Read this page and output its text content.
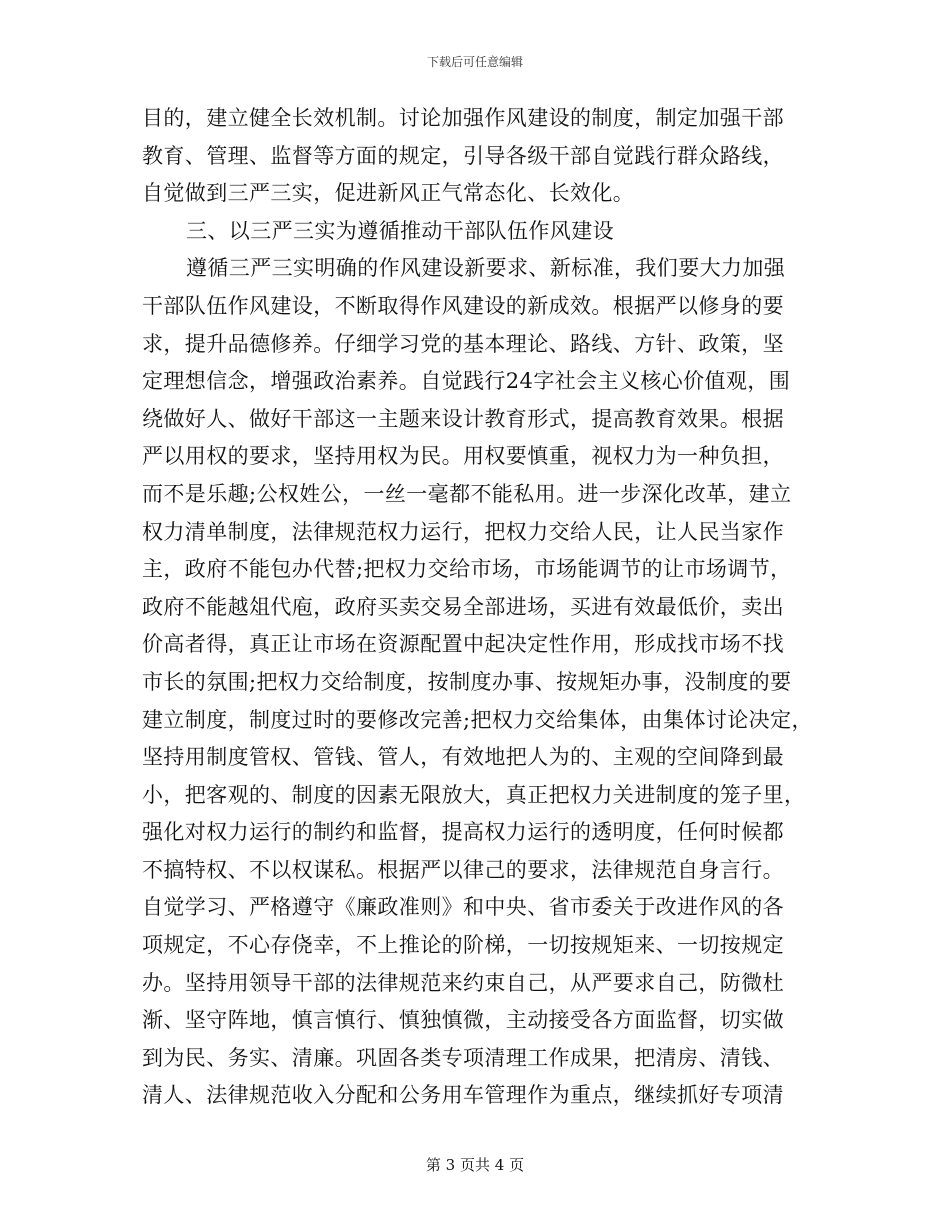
下载后可任意编辑
目的，建立健全长效机制。讨论加强作风建设的制度，制定加强干部
教育、管理、监督等方面的规定，引导各级干部自觉践行群众路线，
自觉做到三严三实，促进新风正气常态化、长效化。
三、以三严三实为遵循推动干部队伍作风建设
遵循三严三实明确的作风建设新要求、新标准，我们要大力加强
干部队伍作风建设，不断取得作风建设的新成效。根据严以修身的要
求，提升品德修养。仔细学习党的基本理论、路线、方针、政策，坚
定理想信念，增强政治素养。自觉践行24字社会主义核心价值观，围
绕做好人、做好干部这一主题来设计教育形式，提高教育效果。根据
严以用权的要求，坚持用权为民。用权要慎重，视权力为一种负担，
而不是乐趣;公权姓公，一丝一毫都不能私用。进一步深化改革，建立
权力清单制度，法律规范权力运行，把权力交给人民，让人民当家作
主，政府不能包办代替;把权力交给市场，市场能调节的让市场调节，
政府不能越俎代庖，政府买卖交易全部进场，买进有效最低价，卖出
价高者得，真正让市场在资源配置中起决定性作用，形成找市场不找
市长的氛围;把权力交给制度，按制度办事、按规矩办事，没制度的要
建立制度，制度过时的要修改完善;把权力交给集体，由集体讨论决定，
坚持用制度管权、管钱、管人，有效地把人为的、主观的空间降到最
小，把客观的、制度的因素无限放大，真正把权力关进制度的笼子里，
强化对权力运行的制约和监督，提高权力运行的透明度，任何时候都
不搞特权、不以权谋私。根据严以律己的要求，法律规范自身言行。
自觉学习、严格遵守《廉政准则》和中央、省市委关于改进作风的各
项规定，不心存侥幸，不上推论的阶梯，一切按规矩来、一切按规定
办。坚持用领导干部的法律规范来约束自己，从严要求自己，防微杜
渐、坚守阵地，慎言慎行、慎独慎微，主动接受各方面监督，切实做
到为民、务实、清廉。巩固各类专项清理工作成果，把清房、清钱、
清人、法律规范收入分配和公务用车管理作为重点，继续抓好专项清
第 3 页共 4 页
